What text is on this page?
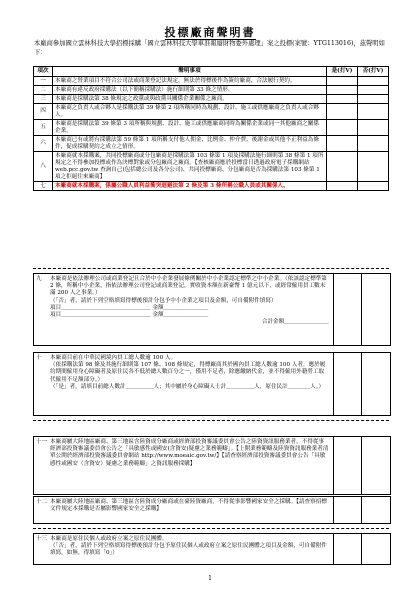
投標廠商聲明書
本廠商參加國立雲林科技大學招標採購「國立雲林科技大學車准報廢財物委外處理」案之投標(案號：YTG113016)，茲聲明如下：
項次	聲明事項	是(打V)	否(打V)
一	本廠商之營業項目不符合公司法或商業登記法規定，無法於得標後作為簽約廠商，合法履行契約。		
二	本廠商有違反政府採購法（以下簡稱採購法）施行細則第 33 條之情形。		
三	本廠商是採購法第 38 條規定之政黨或與政黨具關係企業關係之廠商。		
四	本廠商之負責人或合夥人是採購法第 39 條第 2 項所稱同時為規劃、設計、施工或供應廠商之負責人或合夥人。		
五	本廠商是採購法第 39 條第 3 項所稱與規劃、設計、施工或供應廠商同時為關係企業或同一其他廠商之關係企業。		
六	本廠商已有或將有採購法第 59 條第 1 項所稱支付他人佣金、比例金、仲介費、後謝金或其他不正利益為條件，促成採購契約之成立之情形。		
八	本廠商就本採購案，共同投標廠商或分包廠商是採購法第 103 條第 1 項及採購法施行細則第 38 條第 1 項所規定之不得參加投標或作為決標對象或分包廠商之廠商。【查核廠商應於投標當日透過政府電子採購網站 web.pcc.gov.tw 查詢自己(包括總公司及各分公司)、共同投標廠商、分包廠商是否為採購法第 103 條第 1 項之拒絕往來廠商】		
七	本廠商就本採購案，係屬公職人員利益衝突迴避法第 2 條及第 3 條所稱公職人員或其關係人。		
九	本廠商是依法辦理公司或商業登記且合於中小企業發展條例關於中小企業認定標準之中小企業。（依該認定標準第 2 條，所稱中小企業，指依法辦理公司登記或商業登記，實收資本額在新臺幣 1 億元以下，或經常僱用員工數未滿 200 人之事業。）
（「否」者，請於下列空格填寫得標後預計分包予中小企業之項目及金額，可自備附件填寫）
項目＿＿＿＿＿＿＿＿＿＿＿＿＿＿＿＿ 金額＿＿＿＿＿＿＿＿
項目＿＿＿＿＿＿＿＿＿＿＿＿＿＿＿＿ 金額＿＿＿＿＿＿＿＿
合計金額＿＿＿＿＿＿＿＿
十	本廠商目前在中華民國境內員工總人數逾 100 人。
（依採購法第 98 條及其施行細則第 107 條、108 條規定，得標廠商其於國內員工總人數逾 100 人者，應於履約期間僱用身心障礙者及原住民各不低於總人數百分之一，僅用不足者，除應繳納代金，並不得僱用外籍勞工取代僱用不足額部分。）
（「是」者，請填目前總人數計＿＿＿＿＿人；其中屬於身心障礙人士計＿＿＿＿＿人，原住民計＿＿＿＿人。）
十一 本廠商屬大陸地區廠商、第三地區含陸資成分廠商或經濟部投資審議委員會公告之陸資資訊服務業者，不得從事經濟部投資審議委員會公告之「具敏感性或國安(含資安)疑慮之業務範疇」。【上開業務範疇及陸資資訊服務業者清單公開於經濟部投資審議委員會網站 http://www.moeaic.gov.tw/】【請查察經濟部投資審議委員會公告「具敏感性或國安（含資安）疑慮之業務範疇」之資訊服務採購】
十二 本廠商屬大陸地區廠商、第三地區含陸資成分廠商或在臺陸資廠商，不得從事影響國家安全之採購。【請查察招標文件規定本採購是否屬影響國家安全之採購】
十三 本廠商是原住民個人或政府立案之原住民團體。
（「否」者，請於下列空格填寫得標後預計分包予原住民個人或政府立案之原住民團體之項目及金額，可自備附件填寫。如無，得填寫「0」）
1
